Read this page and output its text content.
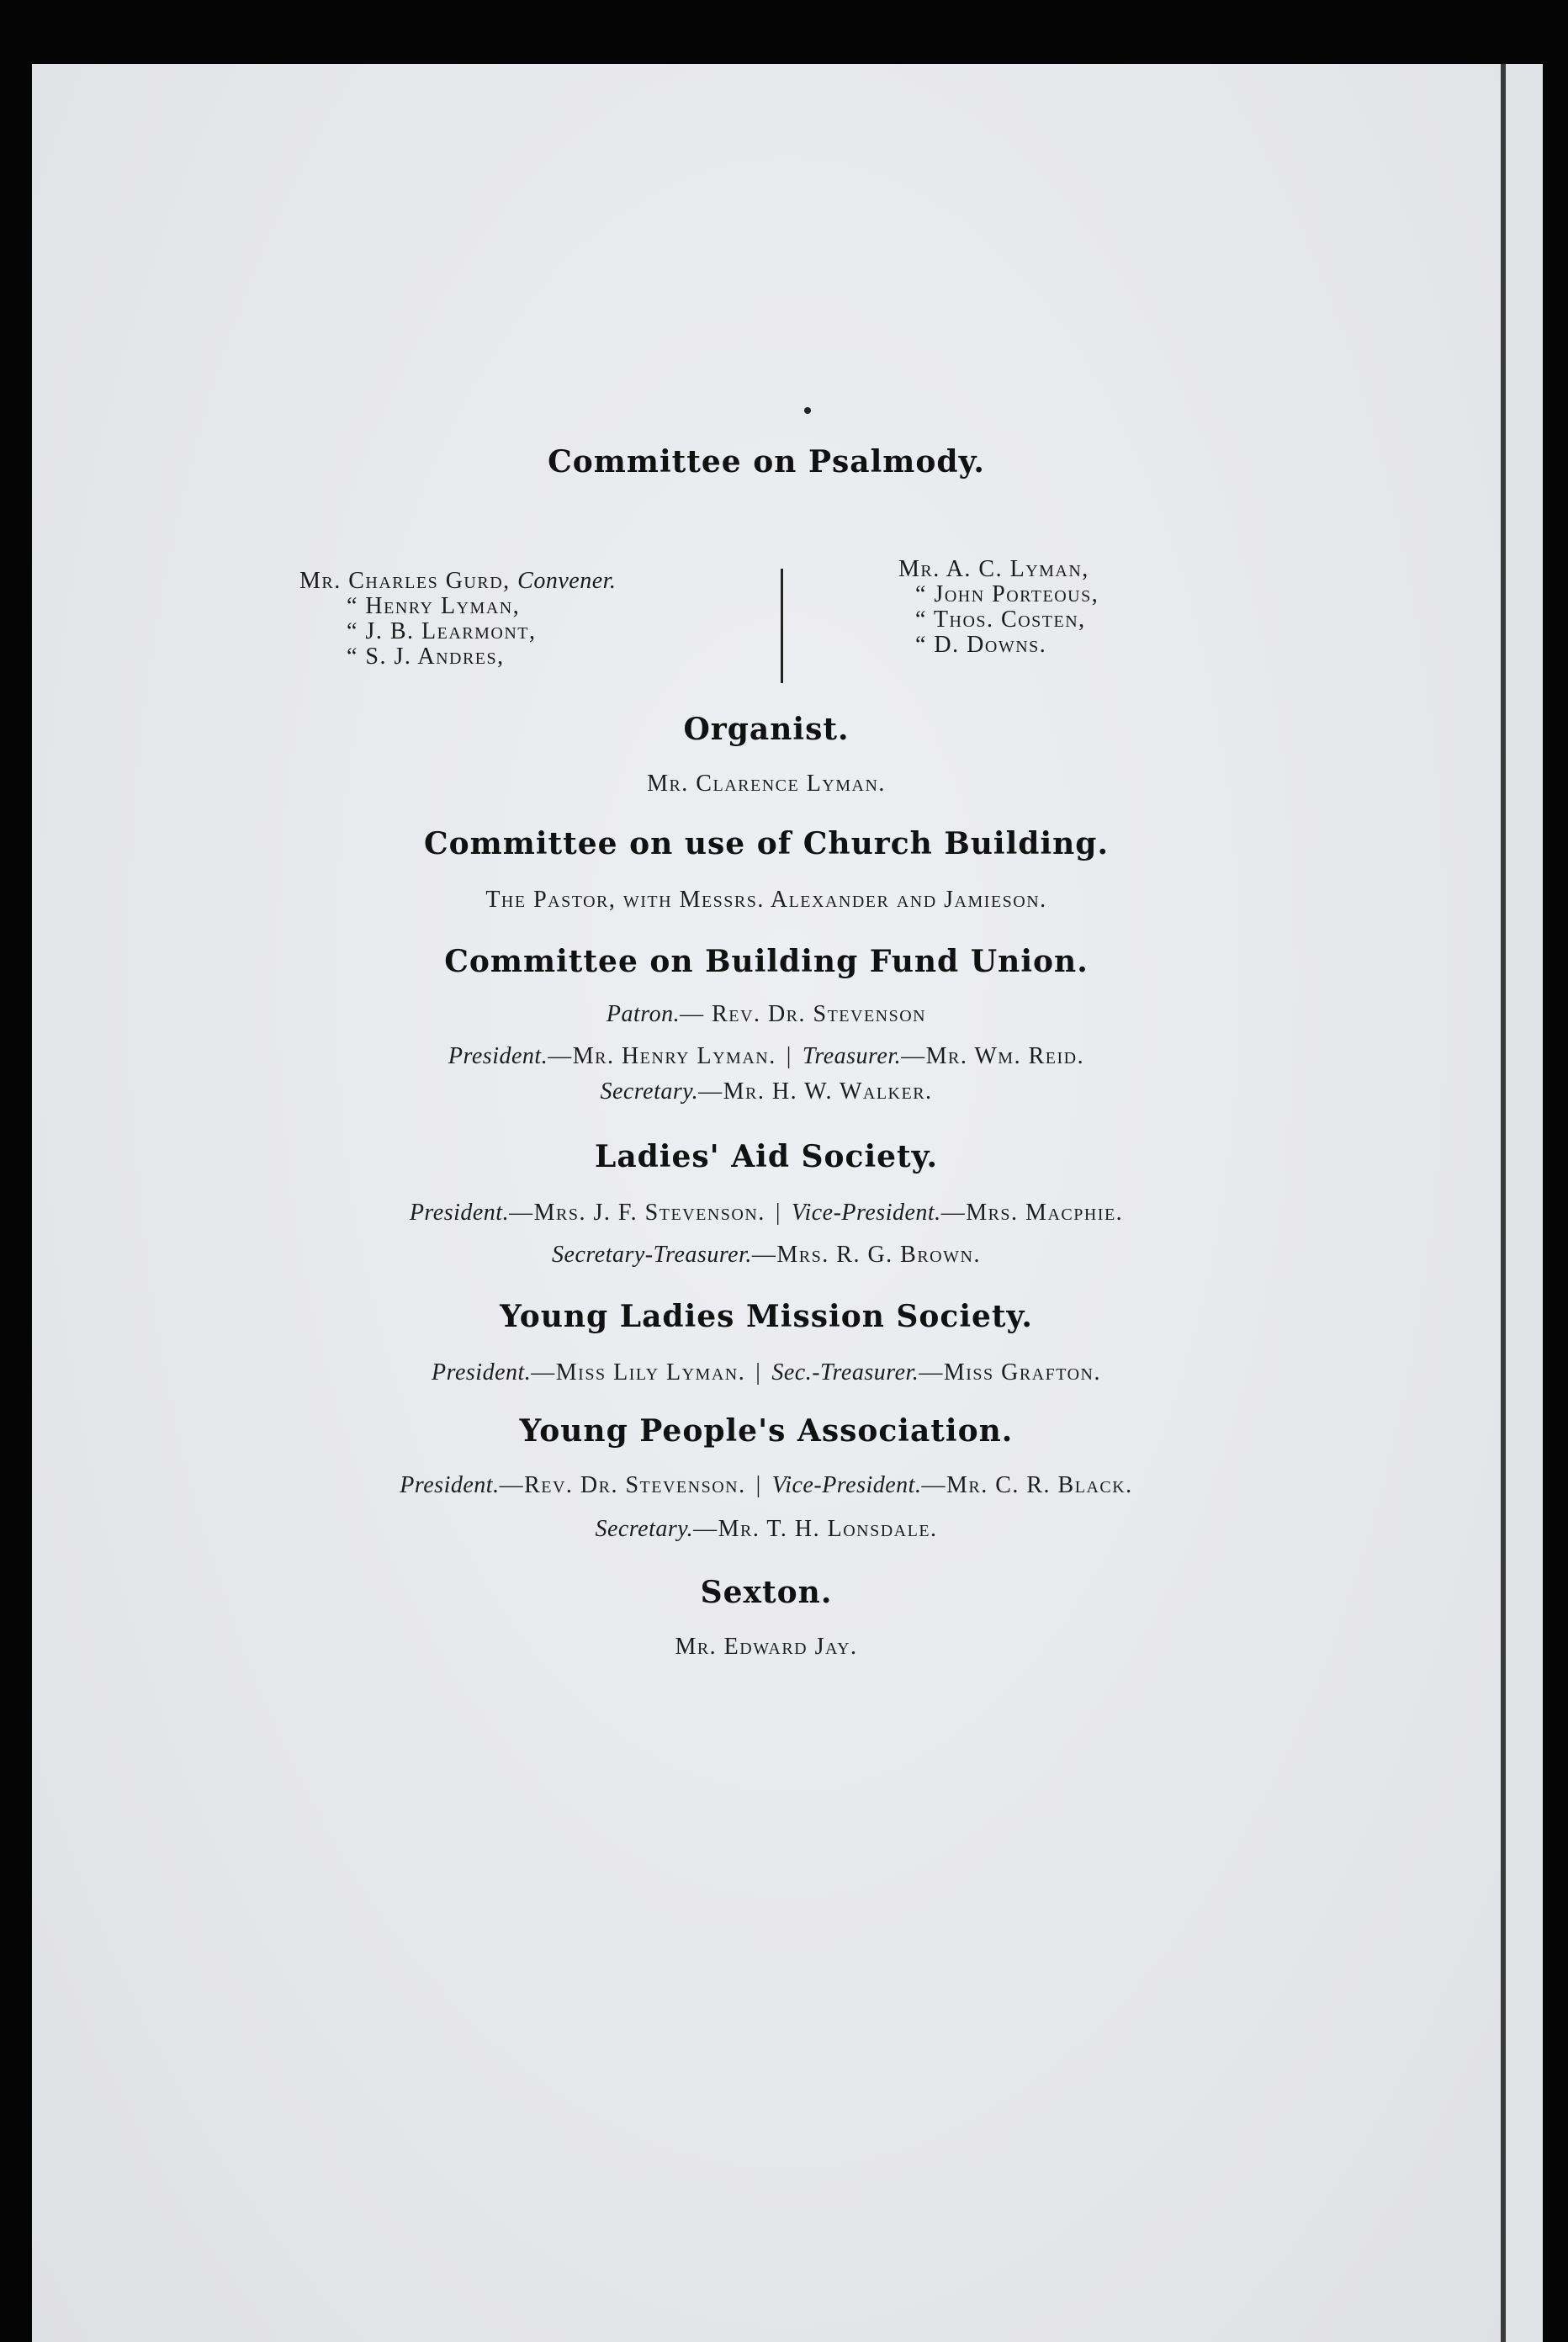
Committee on Psalmody.
Mr. Charles Gurd, Convener.
“ Henry Lyman,
“ J. B. Learmont,
“ S. J. Andres,
Mr. A. C. Lyman,
“ John Porteous,
“ Thos. Costen,
“ D. Downs.
Organist.
Mr. Clarence Lyman.
Committee on use of Church Building.
The Pastor, with Messrs. Alexander and Jamieson.
Committee on Building Fund Union.
Patron.— Rev. Dr. Stevenson
President.—Mr. Henry Lyman. | Treasurer.—Mr. Wm. Reid.
Secretary.—Mr. H. W. Walker.
Ladies' Aid Society.
President.—Mrs. J. F. Stevenson. | Vice-President.—Mrs. Macphie.
Secretary-Treasurer.—Mrs. R. G. Brown.
Young Ladies Mission Society.
President.—Miss Lily Lyman. | Sec.-Treasurer.—Miss Grafton.
Young People's Association.
President.—Rev. Dr. Stevenson. | Vice-President.—Mr. C. R. Black.
Secretary.—Mr. T. H. Lonsdale.
Sexton.
Mr. Edward Jay.
